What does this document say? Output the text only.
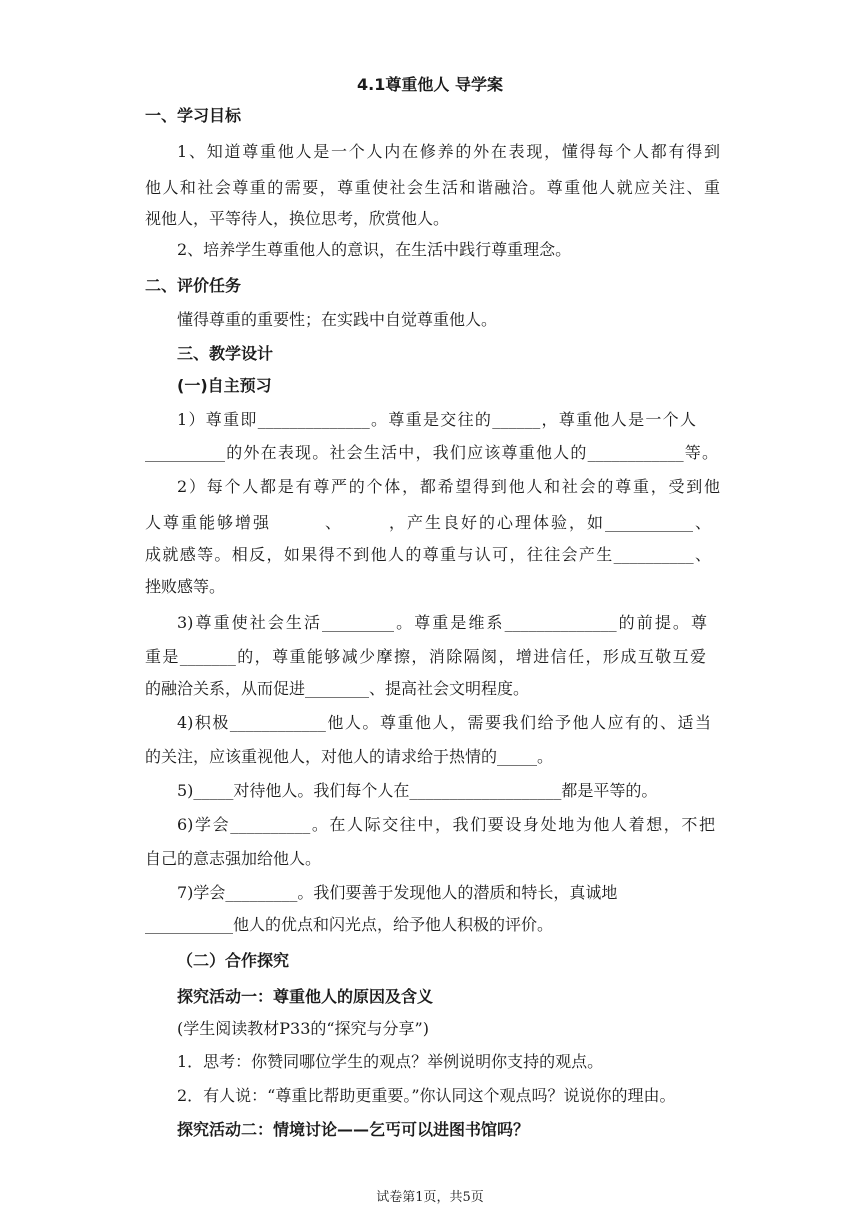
4.1尊重他人 导学案
一、学习目标
1、知道尊重他人是一个人内在修养的外在表现，懂得每个人都有得到
他人和社会尊重的需要，尊重使社会生活和谐融洽。尊重他人就应关注、重
视他人，平等待人，换位思考，欣赏他人。
2、培养学生尊重他人的意识，在生活中践行尊重理念。
二、评价任务
懂得尊重的重要性；在实践中自觉尊重他人。
三、教学设计
(一)自主预习
1）尊重即______________。尊重是交往的______，尊重他人是一个人
__________的外在表现。社会生活中，我们应该尊重他人的____________等。
2）每个人都是有尊严的个体，都希望得到他人和社会的尊重，受到他
人尊重能够增强　　　、　　　，产生良好的心理体验，如___________、
成就感等。相反，如果得不到他人的尊重与认可，往往会产生__________、
挫败感等。
3)尊重使社会生活_________。尊重是维系______________的前提。尊
重是_______的，尊重能够减少摩擦，消除隔阂，增进信任，形成互敬互爱
的融洽关系，从而促进________、提高社会文明程度。
4)积极____________他人。尊重他人，需要我们给予他人应有的、适当
的关注，应该重视他人，对他人的请求给于热情的_____。
5)_____对待他人。我们每个人在___________________都是平等的。
6)学会__________。在人际交往中，我们要设身处地为他人着想，不把
自己的意志强加给他人。
7)学会_________。我们要善于发现他人的潜质和特长，真诚地
___________他人的优点和闪光点，给予他人积极的评价。
（二）合作探究
探究活动一：尊重他人的原因及含义
(学生阅读教材P33的“探究与分享”)
1．思考：你赞同哪位学生的观点？举例说明你支持的观点。
2．有人说：“尊重比帮助更重要。”你认同这个观点吗？说说你的理由。
探究活动二：情境讨论——乞丐可以进图书馆吗？
试卷第1页，共5页
